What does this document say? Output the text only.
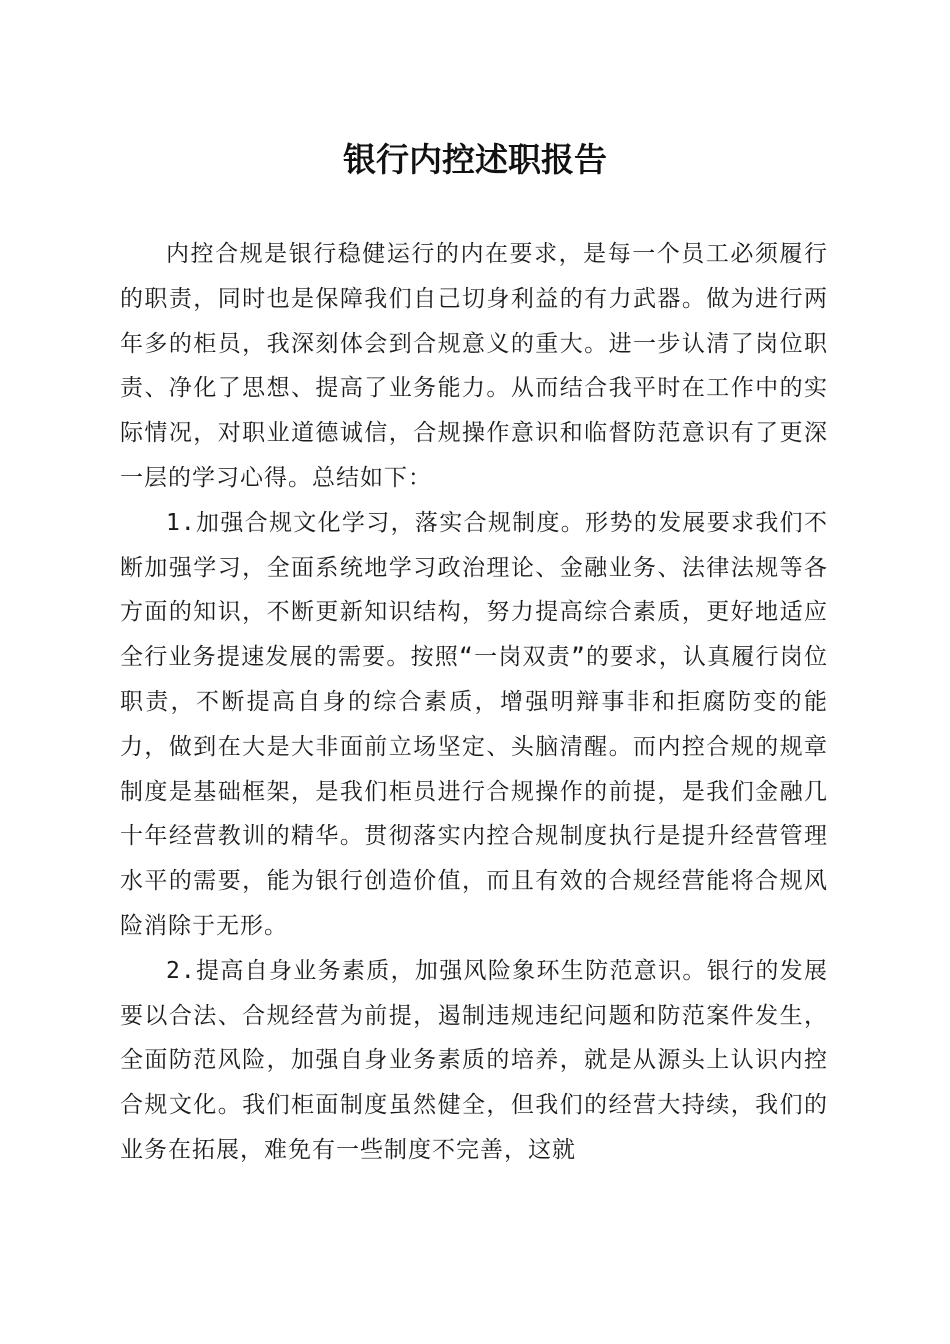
银行内控述职报告

内控合规是银行稳健运行的内在要求，是每一个员工必须履行的职责，同时也是保障我们自己切身利益的有力武器。做为进行两年多的柜员，我深刻体会到合规意义的重大。进一步认清了岗位职责、净化了思想、提高了业务能力。从而结合我平时在工作中的实际情况，对职业道德诚信，合规操作意识和临督防范意识有了更深一层的学习心得。总结如下：

1.加强合规文化学习，落实合规制度。形势的发展要求我们不断加强学习，全面系统地学习政治理论、金融业务、法律法规等各方面的知识，不断更新知识结构，努力提高综合素质，更好地适应全行业务提速发展的需要。按照“一岗双责”的要求，认真履行岗位职责，不断提高自身的综合素质，增强明辩事非和拒腐防变的能力，做到在大是大非面前立场坚定、头脑清醒。而内控合规的规章制度是基础框架，是我们柜员进行合规操作的前提，是我们金融几十年经营教训的精华。贯彻落实内控合规制度执行是提升经营管理水平的需要，能为银行创造价值，而且有效的合规经营能将合规风险消除于无形。

2.提高自身业务素质，加强风险象环生防范意识。银行的发展要以合法、合规经营为前提，遏制违规违纪问题和防范案件发生，全面防范风险，加强自身业务素质的培养，就是从源头上认识内控合规文化。我们柜面制度虽然健全，但我们的经营大持续，我们的业务在拓展，难免有一些制度不完善，这就
